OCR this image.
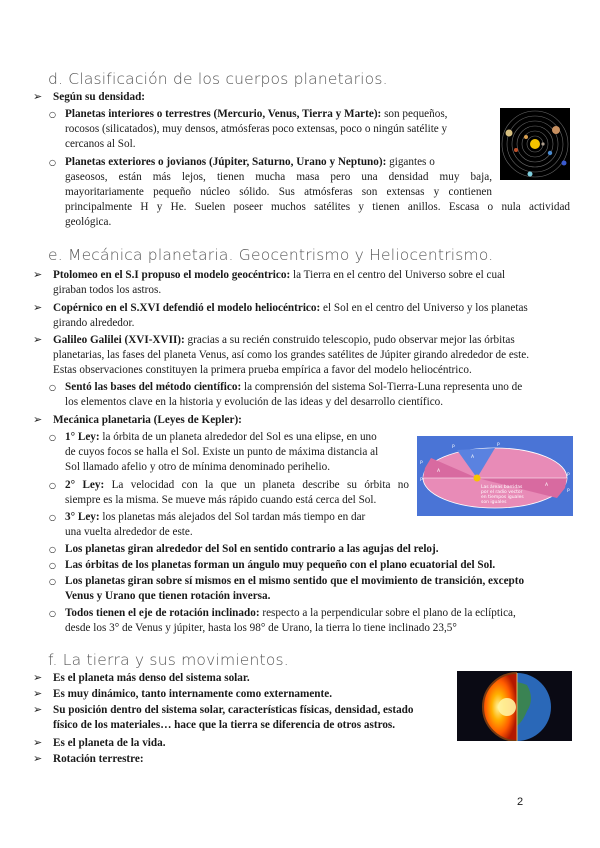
d. Clasificación de los cuerpos planetarios.
➢ Según su densidad:
○ Planetas interiores o terrestres (Mercurio, Venus, Tierra y Marte): son pequeños,
rocosos (silicatados), muy densos, atmósferas poco extensas, poco o ningún satélite y
cercanos al Sol.
○ Planetas exteriores o jovianos (Júpiter, Saturno, Urano y Neptuno): gigantes o
gaseosos, están más lejos, tienen mucha masa pero una densidad muy baja,
mayoritariamente pequeño núcleo sólido. Sus atmósferas son extensas y contienen
principalmente H y He. Suelen poseer muchos satélites y tienen anillos. Escasa o nula actividad
geológica.
e. Mecánica planetaria. Geocentrismo y Heliocentrismo.
➢ Ptolomeo en el S.I propuso el modelo geocéntrico: la Tierra en el centro del Universo sobre el cual
giraban todos los astros.
➢ Copérnico en el S.XVI defendió el modelo heliocéntrico: el Sol en el centro del Universo y los planetas
girando alrededor.
➢ Galileo Galilei (XVI-XVII): gracias a su recién construido telescopio, pudo observar mejor las órbitas
planetarias, las fases del planeta Venus, así como los grandes satélites de Júpiter girando alrededor de este.
Estas observaciones constituyen la primera prueba empírica a favor del modelo heliocéntrico.
○ Sentó las bases del método científico: la comprensión del sistema Sol-Tierra-Luna representa uno de
los elementos clave en la historia y evolución de las ideas y del desarrollo científico.
➢ Mecánica planetaria (Leyes de Kepler):
○ 1° Ley: la órbita de un planeta alrededor del Sol es una elipse, en uno
de cuyos focos se halla el Sol. Existe un punto de máxima distancia al
Sol llamado afelio y otro de mínima denominado perihelio.
○ 2° Ley: La velocidad con la que un planeta describe su órbita no
siempre es la misma. Se mueve más rápido cuando está cerca del Sol.
○ 3° Ley: los planetas más alejados del Sol tardan más tiempo en dar
una vuelta alrededor de este.
A
A
A
P
P
P
P
P	P
Las áreas barridas
por el radio vector
en tiempos iguales
son iguales
○ Los planetas giran alrededor del Sol en sentido contrario a las agujas del reloj.
○ Las órbitas de los planetas forman un ángulo muy pequeño con el plano ecuatorial del Sol.
○ Los planetas giran sobre sí mismos en el mismo sentido que el movimiento de transición, excepto
Venus y Urano que tienen rotación inversa.
○ Todos tienen el eje de rotación inclinado: respecto a la perpendicular sobre el plano de la eclíptica,
desde los 3° de Venus y júpiter, hasta los 98° de Urano, la tierra lo tiene inclinado 23,5°
f. La tierra y sus movimientos.
➢ Es el planeta más denso del sistema solar.
➢ Es muy dinámico, tanto internamente como externamente.
➢ Su posición dentro del sistema solar, características físicas, densidad, estado
físico de los materiales… hace que la tierra se diferencia de otros astros.
➢ Es el planeta de la vida.
➢ Rotación terrestre:
2
